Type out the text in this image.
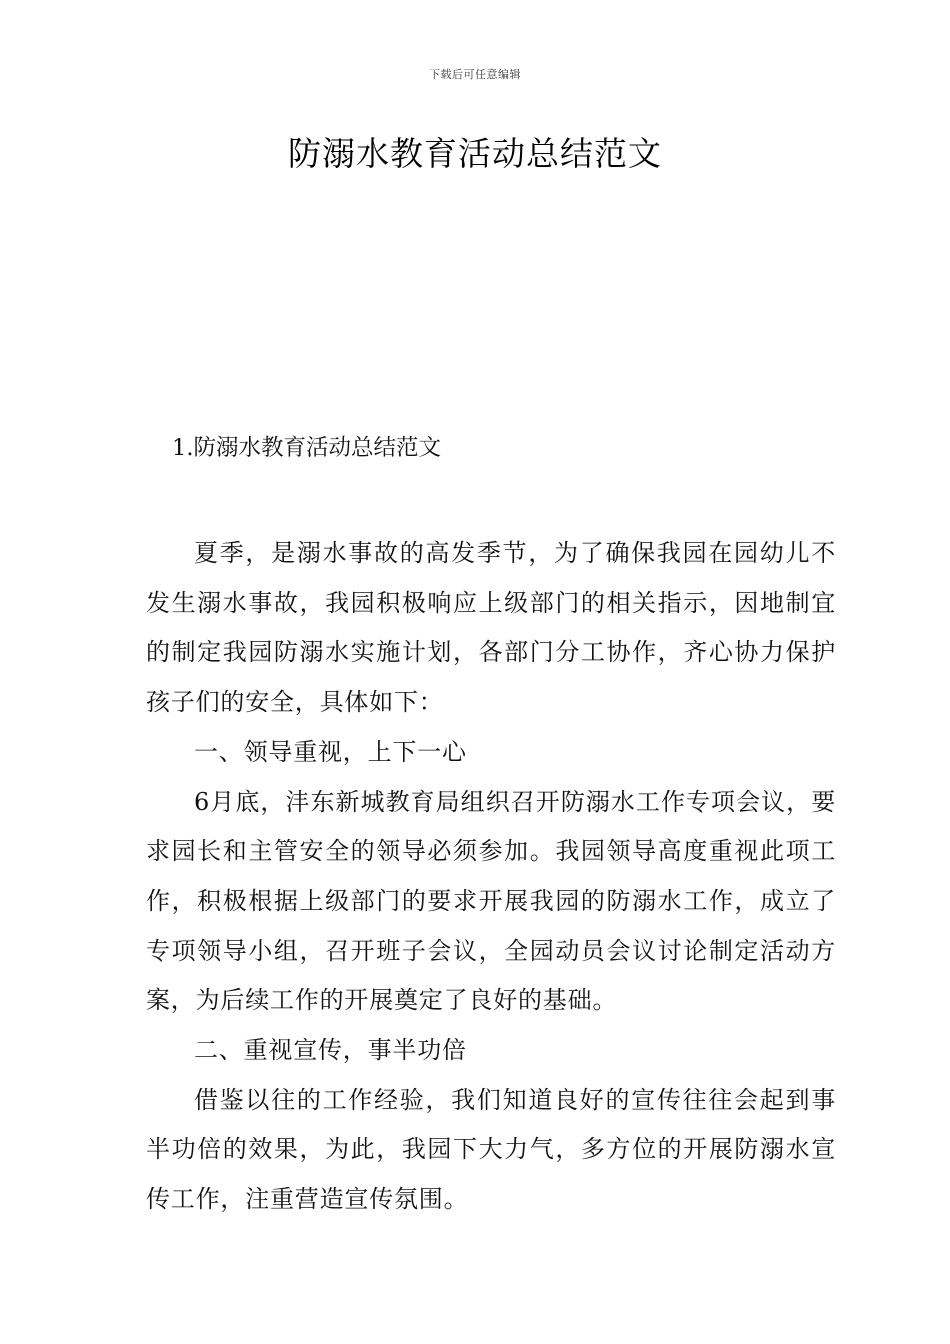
下载后可任意编辑
防溺水教育活动总结范文
1.防溺水教育活动总结范文

夏季，是溺水事故的高发季节，为了确保我园在园幼儿不发生溺水事故，我园积极响应上级部门的相关指示，因地制宜的制定我园防溺水实施计划，各部门分工协作，齐心协力保护孩子们的安全，具体如下：

一、领导重视，上下一心

6月底，沣东新城教育局组织召开防溺水工作专项会议，要求园长和主管安全的领导必须参加。我园领导高度重视此项工作，积极根据上级部门的要求开展我园的防溺水工作，成立了专项领导小组，召开班子会议，全园动员会议讨论制定活动方案，为后续工作的开展奠定了良好的基础。

二、重视宣传，事半功倍

借鉴以往的工作经验，我们知道良好的宣传往往会起到事半功倍的效果，为此，我园下大力气，多方位的开展防溺水宣传工作，注重营造宣传氛围。
